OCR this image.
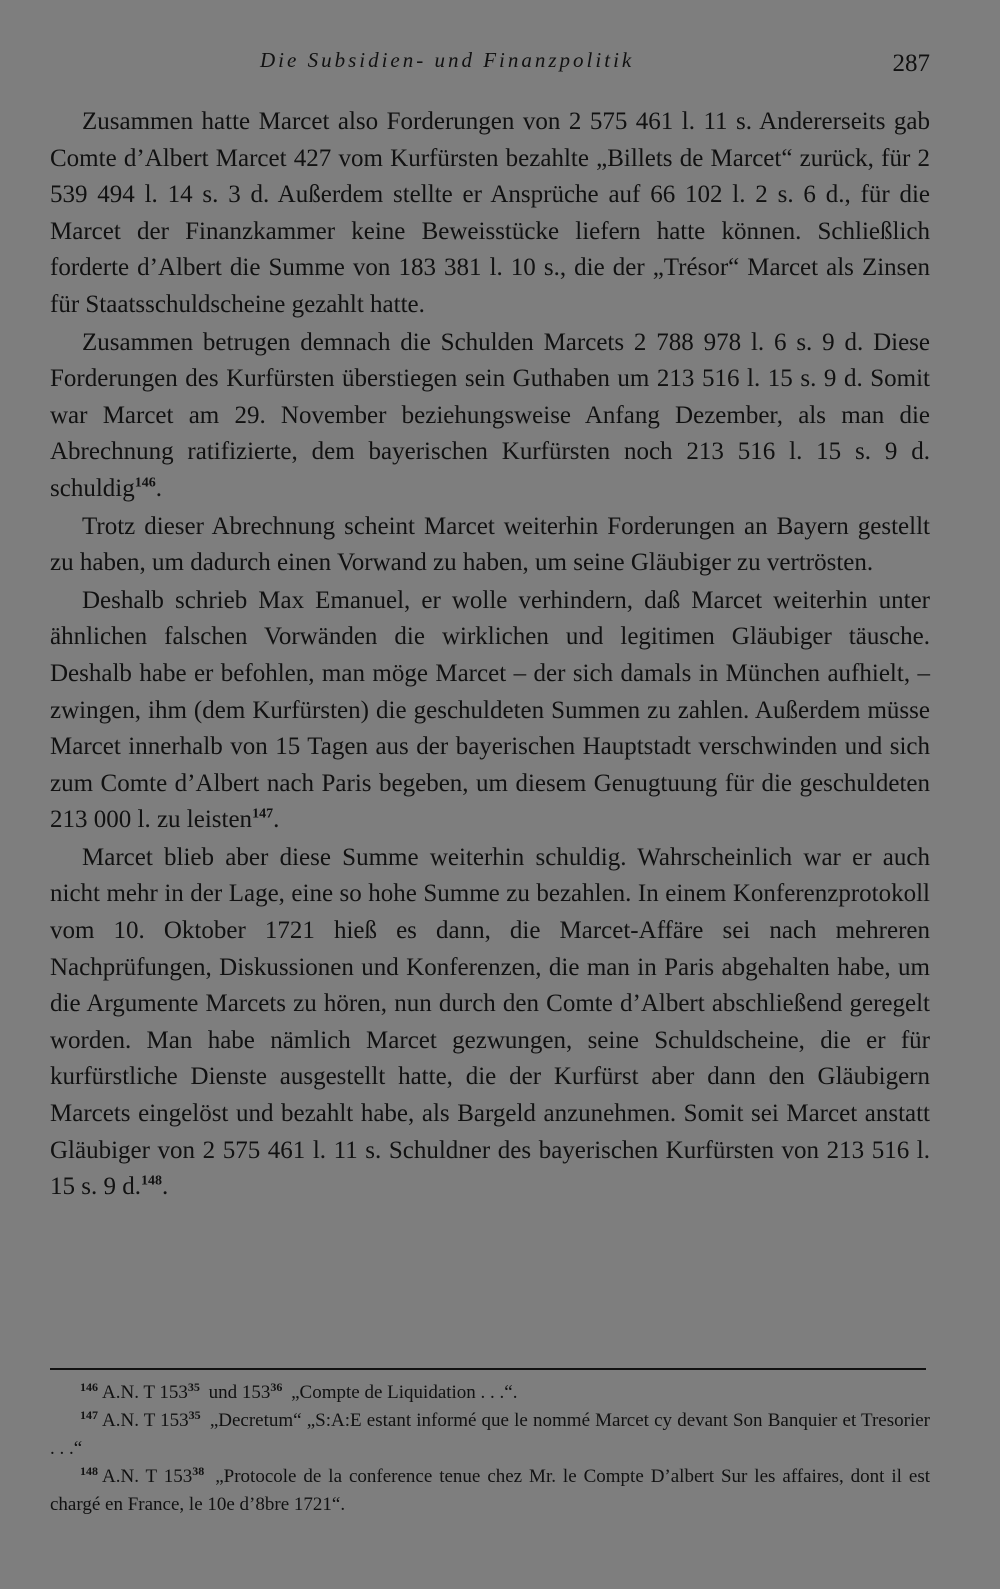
Die Subsidien- und Finanzpolitik	287

Zusammen hatte Marcet also Forderungen von 2 575 461 l. 11 s. Andererseits gab Comte d’Albert Marcet 427 vom Kurfürsten bezahlte „Billets de Marcet“ zurück, für 2 539 494 l. 14 s. 3 d. Außerdem stellte er Ansprüche auf 66 102 l. 2 s. 6 d., für die Marcet der Finanzkammer keine Beweisstücke liefern hatte können. Schließlich forderte d’Albert die Summe von 183 381 l. 10 s., die der „Trésor“ Marcet als Zinsen für Staatsschuldscheine gezahlt hatte.

Zusammen betrugen demnach die Schulden Marcets 2 788 978 l. 6 s. 9 d. Diese Forderungen des Kurfürsten überstiegen sein Guthaben um 213 516 l. 15 s. 9 d. Somit war Marcet am 29. November beziehungsweise Anfang Dezember, als man die Abrechnung ratifizierte, dem bayerischen Kurfürsten noch 213 516 l. 15 s. 9 d. schuldig$^{146}$.

Trotz dieser Abrechnung scheint Marcet weiterhin Forderungen an Bayern gestellt zu haben, um dadurch einen Vorwand zu haben, um seine Gläubiger zu vertrösten.

Deshalb schrieb Max Emanuel, er wolle verhindern, daß Marcet weiterhin unter ähnlichen falschen Vorwänden die wirklichen und legitimen Gläubiger täusche. Deshalb habe er befohlen, man möge Marcet – der sich damals in München aufhielt, – zwingen, ihm (dem Kurfürsten) die geschuldeten Summen zu zahlen. Außerdem müsse Marcet innerhalb von 15 Tagen aus der bayerischen Hauptstadt verschwinden und sich zum Comte d’Albert nach Paris begeben, um diesem Genugtuung für die geschuldeten 213 000 l. zu leisten$^{147}$.

Marcet blieb aber diese Summe weiterhin schuldig. Wahrscheinlich war er auch nicht mehr in der Lage, eine so hohe Summe zu bezahlen. In einem Konferenzprotokoll vom 10. Oktober 1721 hieß es dann, die Marcet-Affäre sei nach mehreren Nachprüfungen, Diskussionen und Konferenzen, die man in Paris abgehalten habe, um die Argumente Marcets zu hören, nun durch den Comte d’Albert abschließend geregelt worden. Man habe nämlich Marcet gezwungen, seine Schuldscheine, die er für kurfürstliche Dienste ausgestellt hatte, die der Kurfürst aber dann den Gläubigern Marcets eingelöst und bezahlt habe, als Bargeld anzunehmen. Somit sei Marcet anstatt Gläubiger von 2 575 461 l. 11 s. Schuldner des bayerischen Kurfürsten von 213 516 l. 15 s. 9 d.$^{148}$.

$^{146}$ A.N. T $153^{35}$ und $153^{36}$ „Compte de Liquidation . . .“.

$^{147}$ A.N. T $153^{35}$ „Decretum“ „S:A:E estant informé que le nommé Marcet cy devant Son Banquier et Tresorier . . .“

$^{148}$ A.N. T $153^{38}$ „Protocole de la conference tenue chez Mr. le Compte D’albert Sur les affaires, dont il est chargé en France, le 10e d’8bre 1721“.
